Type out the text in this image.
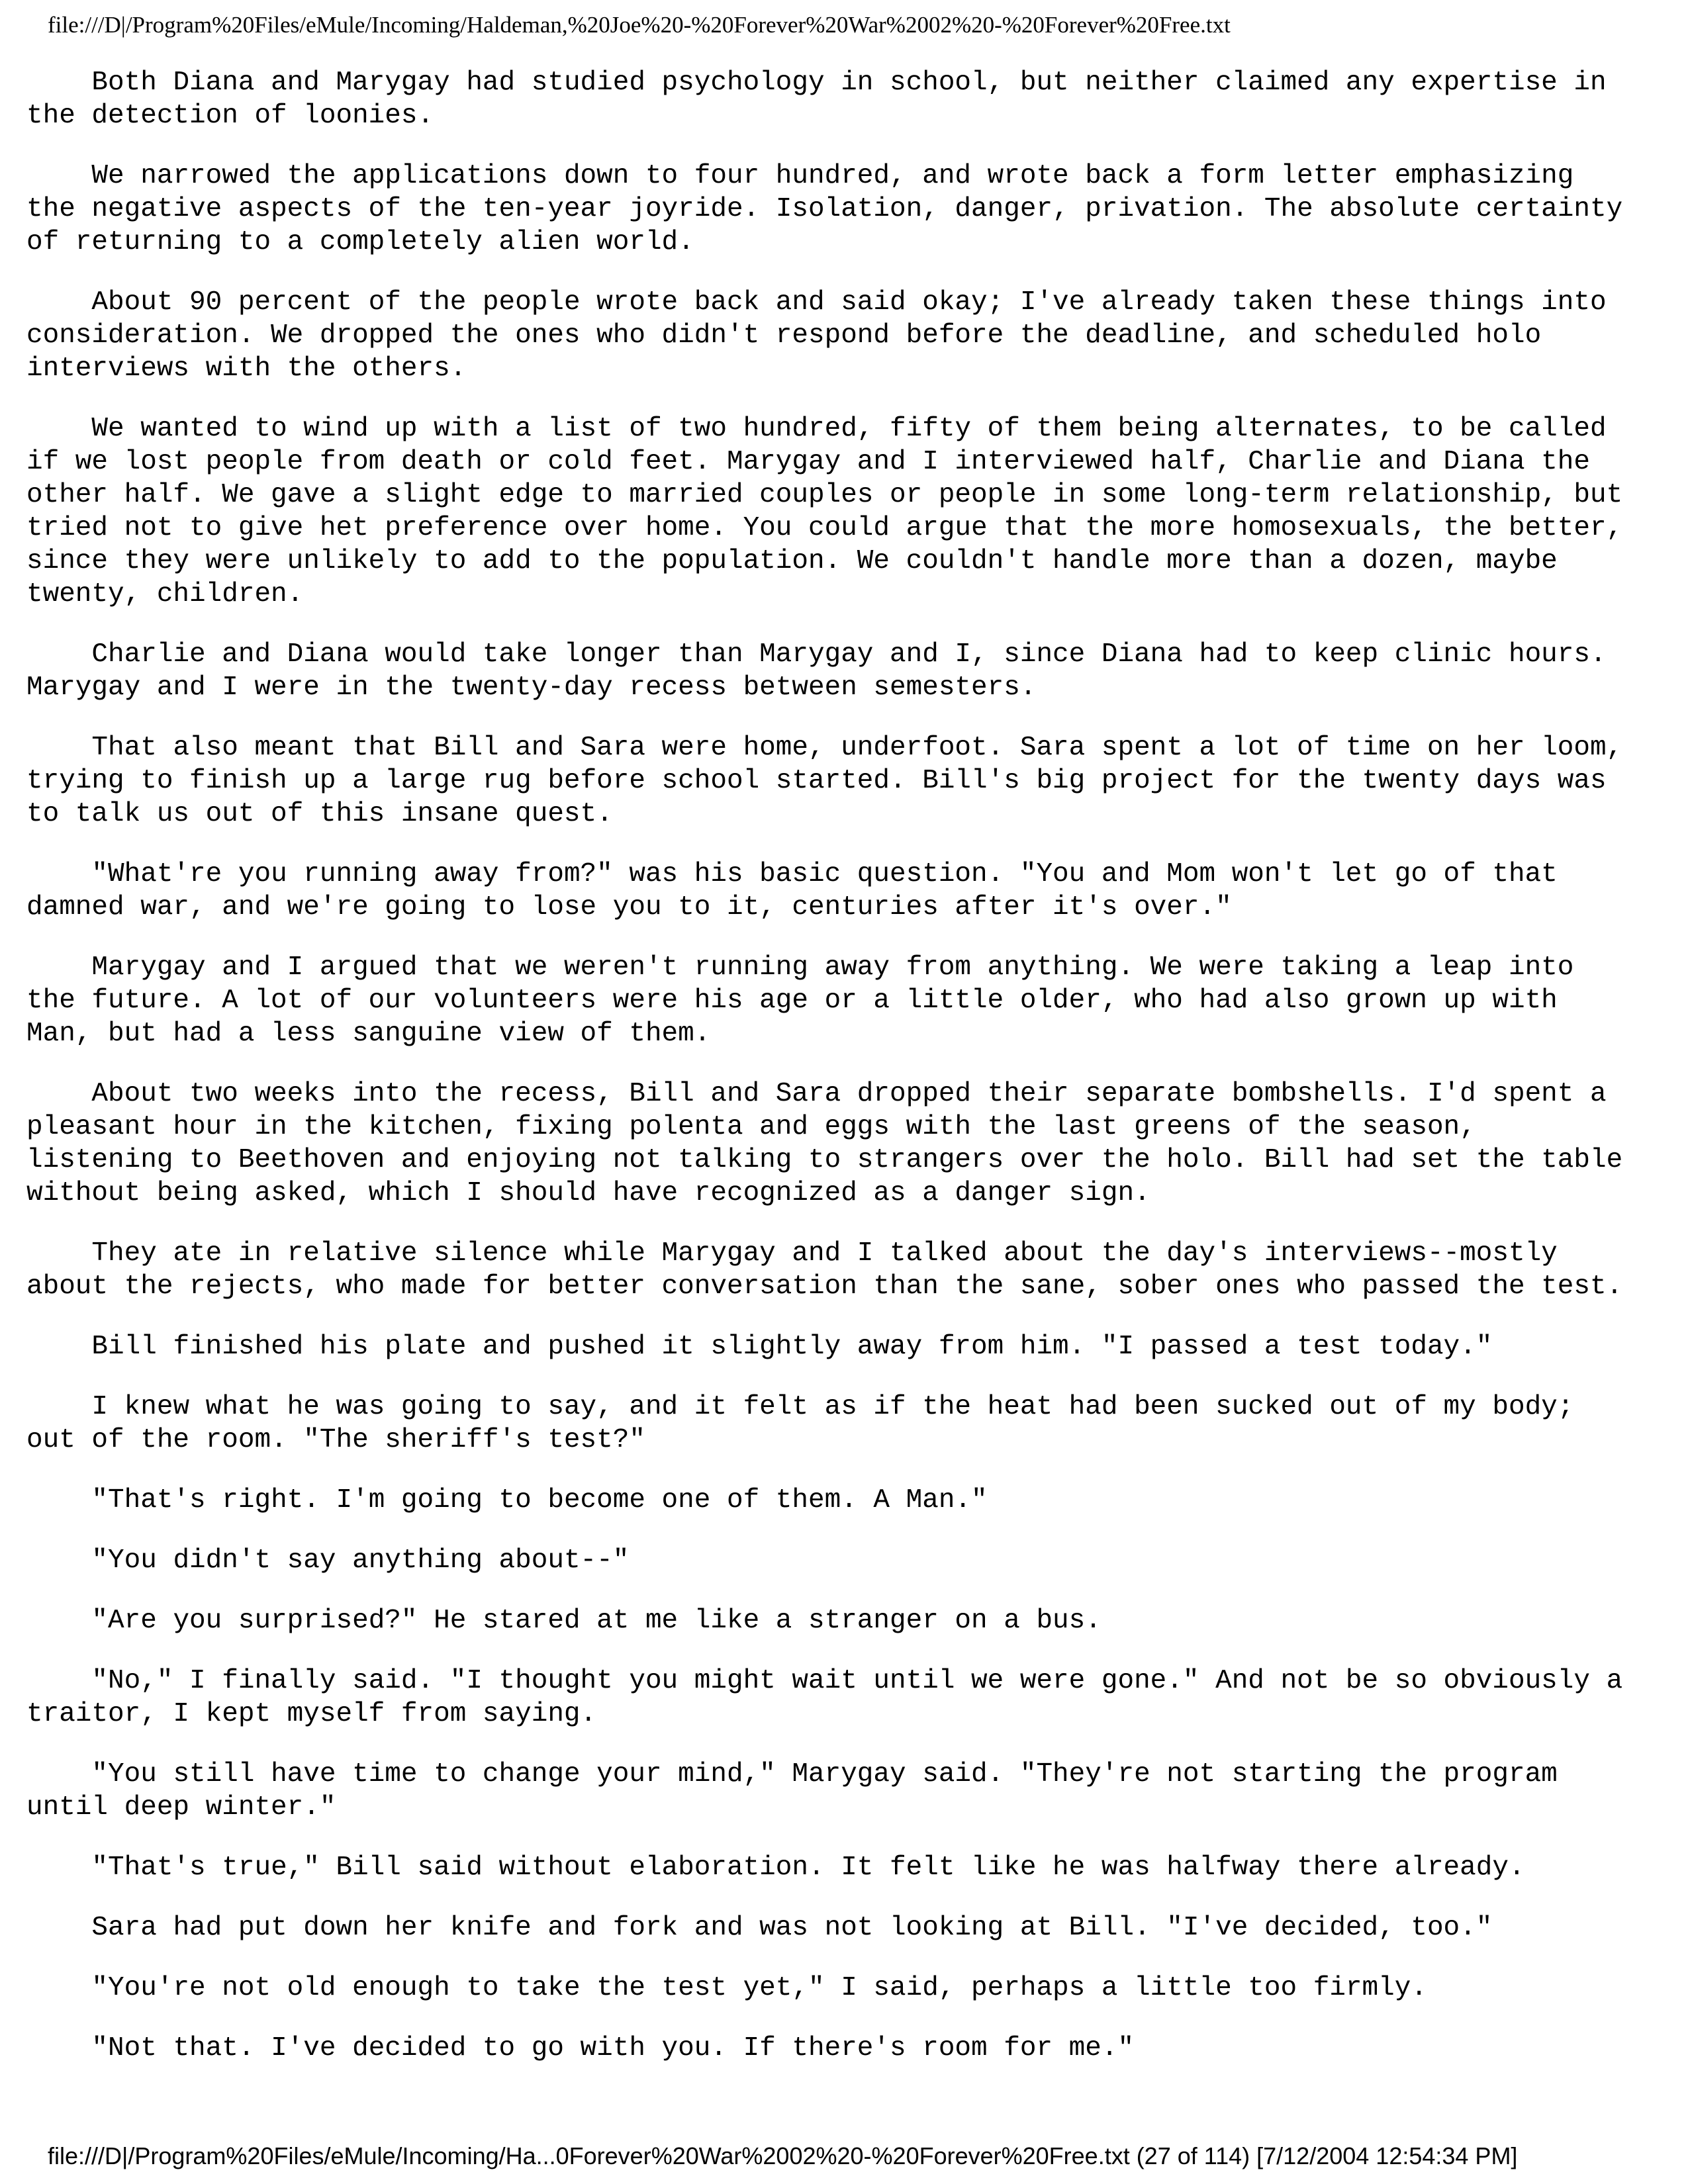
file:///D|/Program%20Files/eMule/Incoming/Haldeman,%20Joe%20-%20Forever%20War%2002%20-%20Forever%20Free.txt

Both Diana and Marygay had studied psychology in school, but neither claimed any expertise in
the detection of loonies.

We narrowed the applications down to four hundred, and wrote back a form letter emphasizing
the negative aspects of the ten-year joyride. Isolation, danger, privation. The absolute certainty
of returning to a completely alien world.

About 90 percent of the people wrote back and said okay; I've already taken these things into
consideration. We dropped the ones who didn't respond before the deadline, and scheduled holo
interviews with the others.

We wanted to wind up with a list of two hundred, fifty of them being alternates, to be called
if we lost people from death or cold feet. Marygay and I interviewed half, Charlie and Diana the
other half. We gave a slight edge to married couples or people in some long-term relationship, but
tried not to give het preference over home. You could argue that the more homosexuals, the better,
since they were unlikely to add to the population. We couldn't handle more than a dozen, maybe
twenty, children.

Charlie and Diana would take longer than Marygay and I, since Diana had to keep clinic hours.
Marygay and I were in the twenty-day recess between semesters.

That also meant that Bill and Sara were home, underfoot. Sara spent a lot of time on her loom,
trying to finish up a large rug before school started. Bill's big project for the twenty days was
to talk us out of this insane quest.

"What're you running away from?" was his basic question. "You and Mom won't let go of that
damned war, and we're going to lose you to it, centuries after it's over."

Marygay and I argued that we weren't running away from anything. We were taking a leap into
the future. A lot of our volunteers were his age or a little older, who had also grown up with
Man, but had a less sanguine view of them.

About two weeks into the recess, Bill and Sara dropped their separate bombshells. I'd spent a
pleasant hour in the kitchen, fixing polenta and eggs with the last greens of the season,
listening to Beethoven and enjoying not talking to strangers over the holo. Bill had set the table
without being asked, which I should have recognized as a danger sign.

They ate in relative silence while Marygay and I talked about the day's interviews--mostly
about the rejects, who made for better conversation than the sane, sober ones who passed the test.

Bill finished his plate and pushed it slightly away from him. "I passed a test today."

I knew what he was going to say, and it felt as if the heat had been sucked out of my body;
out of the room. "The sheriff's test?"

"That's right. I'm going to become one of them. A Man."

"You didn't say anything about--"

"Are you surprised?" He stared at me like a stranger on a bus.

"No," I finally said. "I thought you might wait until we were gone." And not be so obviously a
traitor, I kept myself from saying.

"You still have time to change your mind," Marygay said. "They're not starting the program
until deep winter."

"That's true," Bill said without elaboration. It felt like he was halfway there already.

Sara had put down her knife and fork and was not looking at Bill. "I've decided, too."

"You're not old enough to take the test yet," I said, perhaps a little too firmly.

"Not that. I've decided to go with you. If there's room for me."

file:///D|/Program%20Files/eMule/Incoming/Ha...0Forever%20War%2002%20-%20Forever%20Free.txt (27 of 114) [7/12/2004 12:54:34 PM]
